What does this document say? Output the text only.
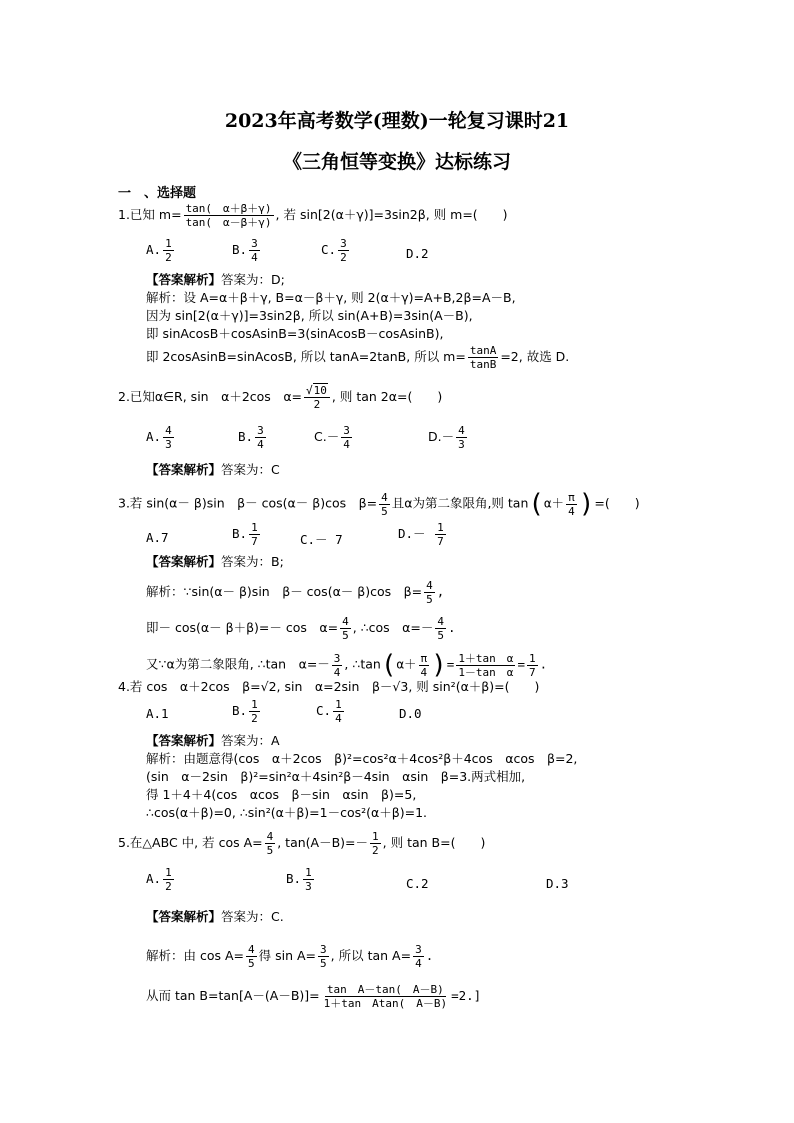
2023年高考数学(理数)一轮复习课时21
《三角恒等变换》达标练习
一　、选择题
1.已知 $m= \frac{\tan( \alpha+\beta+\gamma)}{\tan( \alpha-\beta+\gamma)}$ , 若 sin[2(α＋γ)]=3sin2β, 则 m=(　　)
A. $\frac{1}{2}$	B. $\frac{3}{4}$	C. $\frac{3}{2}$	D.2
【答案解析】答案为：D;
解析：设 A=α＋β＋γ, B=α－β＋γ, 则 2(α＋γ)=A+B,2β=A－B,
因为 sin[2(α＋γ)]=3sin2β, 所以 sin(A+B)=3sin(A－B),
即 sinAcosB＋cosAsinB=3(sinAcosB－cosAsinB),
即 2cosAsinB=sinAcosB, 所以 tanA=2tanB, 所以 $m= \frac{\tan A}{\tan B} =2$, 故选 D.
2.已知α∈R, sin　α＋2cos　$\alpha= \frac{√10}{2}$ , 则 tan 2α=(　　)
A. $\frac{4}{3}$	B. $\frac{3}{4}$	$C.- \frac{3}{4}$	$D.- \frac{4}{3}$
【答案解析】答案为：C
3.若 sin(α－ β)sin　β－ cos(α－ β)cos　$\beta= \frac{4}{5}$ 且α为第二象限角,则 $\tan(\alpha+ \frac{\pi}{4}$ )=(　　)
A.7	B. $\frac{1}{7}$	C.－ 7	$D.- \frac{1}{7}$
【答案解析】答案为：B;
解析：∵sin(α－ β)sin　β－ cos(α－ β)cos　$\beta= \frac{4}{5}$ ,
即－ cos(α－ β＋β)=－ cos　$\alpha= \frac{4}{5}$ , ∴cos　$\alpha=- \frac{4}{5}$ .
又∵α为第二象限角, ∴tan　$\alpha=- \frac{3}{4}$ , ∴tan(α＋ $\frac{\pi}{4}$ )= $\frac{\text{1＋tan　α}}{\text{1－tan　α}} = \frac{1}{7}$ .
4.若 cos　α＋2cos　β=√2, sin　α=2sin　β－√3, 则 sin²(α＋β)=(　　)
A.1	B. $\frac{1}{2}$	C. $\frac{1}{4}$	D.0
【答案解析】答案为：A
解析：由题意得(cos　α＋2cos　β)²=cos²α＋4cos²β＋4cos　αcos　β=2,
(sin　α－2sin　β)²=sin²α＋4sin²β－4sin　αsin　β=3.两式相加,
得 1＋4＋4(cos　αcos　β－sin　αsin　β)=5,
∴cos(α＋β)=0, ∴sin²(α＋β)=1－cos²(α＋β)=1.
5.在△ABC 中, 若 $\cos A= \frac{4}{5}$ , $\tan(A-B)=- \frac{1}{2}$ , 则 tan B=(　　)
A. $\frac{1}{2}$	B. $\frac{1}{3}$	C.2	D.3
【答案解析】答案为：C.
解析：由 $\cos A= \frac{4}{5}$ 得 $\sin A= \frac{3}{5}$ , 所以 $\tan A= \frac{3}{4}$ .
从而 $\tan B=\tan[A-(A-B)]= \frac{\text{tan　A－tan(　A－B)}}{\text{1＋tan　Atan(　A－B)}} =2$.]
